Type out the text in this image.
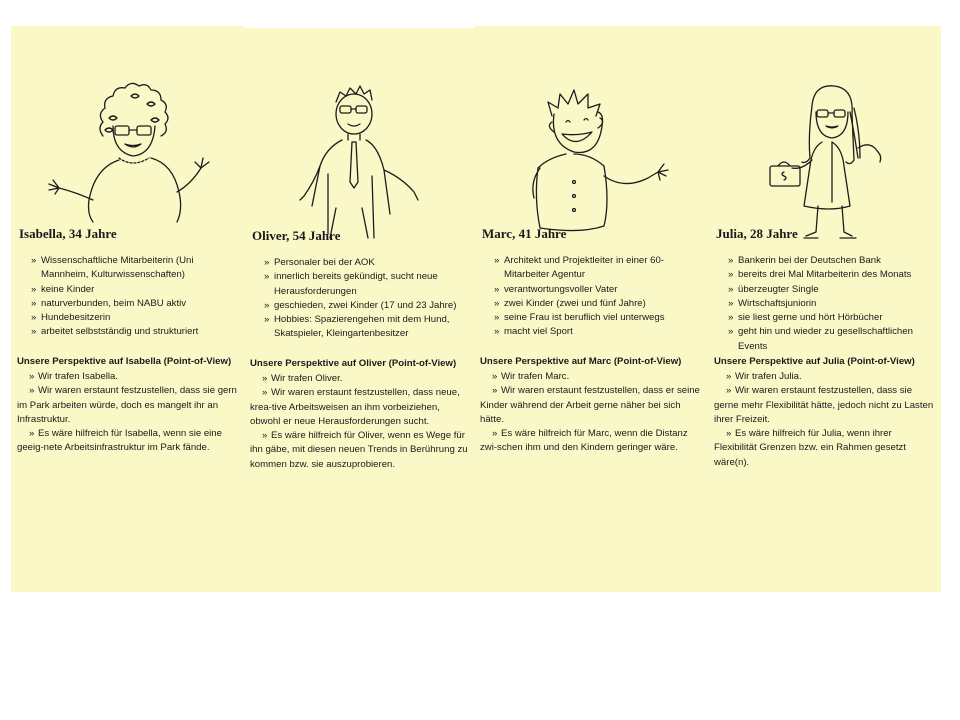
Isabella, 34 Jahre
» Wissenschaftliche Mitarbeiterin (Uni Mannheim, Kulturwissenschaften)
» keine Kinder
» naturverbunden, beim NABU aktiv
» Hundebesitzerin
» arbeitet selbstständig und strukturiert
Unsere Perspektive auf Isabella (Point-of-View)
» Wir trafen Isabella.
» Wir waren erstaunt festzustellen, dass sie gern im Park arbeiten würde, doch es mangelt ihr an Infrastruktur.
» Es wäre hilfreich für Isabella, wenn sie eine geeig-nete Arbeitsinfrastruktur im Park fände.
Oliver, 54 Jahre
» Personaler bei der AOK
» innerlich bereits gekündigt, sucht neue Herausforderungen
» geschieden, zwei Kinder (17 und 23 Jahre)
» Hobbies: Spazierengehen mit dem Hund, Skatspieler, Kleingartenbesitzer
Unsere Perspektive auf Oliver (Point-of-View)
» Wir trafen Oliver.
» Wir waren erstaunt festzustellen, dass neue, krea-tive Arbeitsweisen an ihm vorbeiziehen, obwohl er neue Herausforderungen sucht.
» Es wäre hilfreich für Oliver, wenn es Wege für ihn gäbe, mit diesen neuen Trends in Berührung zu kommen bzw. sie auszuprobieren.
Marc, 41 Jahre
» Architekt und Projektleiter in einer 60-Mitarbeiter Agentur
» verantwortungsvoller Vater
» zwei Kinder (zwei und fünf Jahre)
» seine Frau ist beruflich viel unterwegs
» macht viel Sport
Unsere Perspektive auf Marc (Point-of-View)
» Wir trafen Marc.
» Wir waren erstaunt festzustellen, dass er seine Kinder während der Arbeit gerne näher bei sich hätte.
» Es wäre hilfreich für Marc, wenn die Distanz zwi-schen ihm und den Kindern geringer wäre.
Julia, 28 Jahre
» Bankerin bei der Deutschen Bank
» bereits drei Mal Mitarbeiterin des Monats
» überzeugter Single
» Wirtschaftsjuniorin
» sie liest gerne und hört Hörbücher
» geht hin und wieder zu gesellschaftlichen Events
Unsere Perspektive auf Julia (Point-of-View)
» Wir trafen Julia.
» Wir waren erstaunt festzustellen, dass sie gerne mehr Flexibilität hätte, jedoch nicht zu Lasten ihrer Freizeit.
» Es wäre hilfreich für Julia, wenn ihrer Flexibilität Grenzen bzw. ein Rahmen gesetzt wäre(n).
